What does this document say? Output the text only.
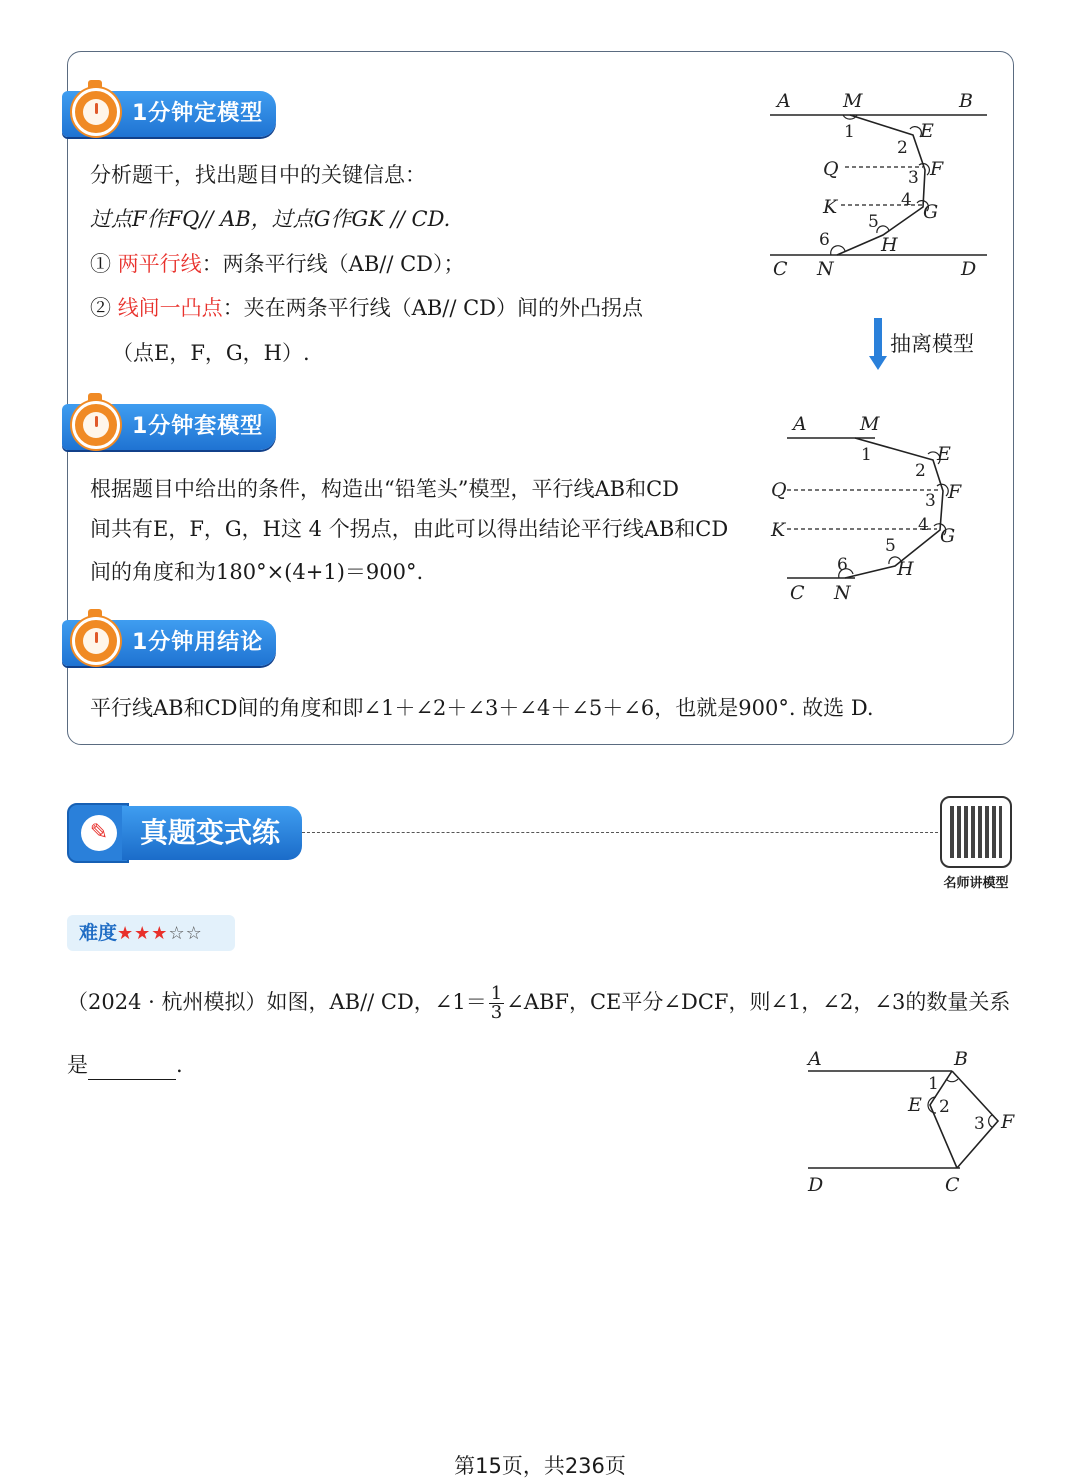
1分钟定模型
分析题干，找出题目中的关键信息：
过点F作FQ// AB，过点G作GK // CD.
① 两平行线：两条平行线（AB// CD）；
② 线间一凸点：夹在两条平行线（AB// CD）间的外凸拐点
（点E，F，G，H）.
A	M	B
E
F
Q
K	G
H
C N	D
1
2
3
4
5
6
抽离模型
1分钟套模型
根据题目中给出的条件，构造出“铅笔头”模型，平行线AB和CD
间共有E，F，G，H这 4 个拐点，由此可以得出结论平行线AB和CD
间的角度和为180°×(4+1)＝900°.
A	M
E
Q	F
K	G
H
C N
1
2
3
4
5
6
1分钟用结论
平行线AB和CD间的角度和即∠1＋∠2＋∠3＋∠4＋∠5＋∠6，也就是900°. 故选 D.
✎	真题变式练
名师讲模型
难度★★★☆☆
（2024 · 杭州模拟）如图，AB// CD，∠1＝ $\frac{1}{3}$ ∠ABF，CE平分∠DCF，则∠1，∠2，∠3的数量关系
是	.	A	B
E
F
D	C
1
2
3
第15页，共236页
